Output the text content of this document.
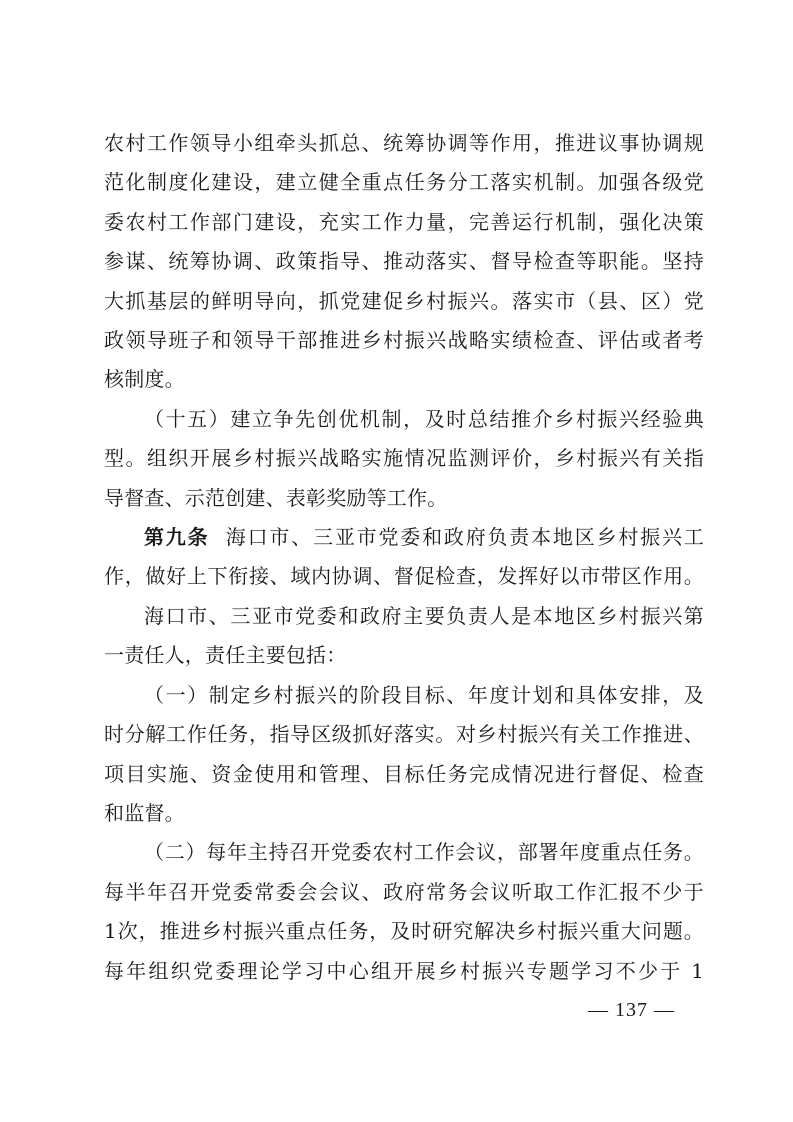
农村工作领导小组牵头抓总、统筹协调等作用，推进议事协调规
范化制度化建设，建立健全重点任务分工落实机制。加强各级党
委农村工作部门建设，充实工作力量，完善运行机制，强化决策
参谋、统筹协调、政策指导、推动落实、督导检查等职能。坚持
大抓基层的鲜明导向，抓党建促乡村振兴。落实市（县、区）党
政领导班子和领导干部推进乡村振兴战略实绩检查、评估或者考
核制度。

（十五）建立争先创优机制，及时总结推介乡村振兴经验典
型。组织开展乡村振兴战略实施情况监测评价，乡村振兴有关指
导督查、示范创建、表彰奖励等工作。

第九条 海口市、三亚市党委和政府负责本地区乡村振兴工
作，做好上下衔接、域内协调、督促检查，发挥好以市带区作用。

海口市、三亚市党委和政府主要负责人是本地区乡村振兴第
一责任人，责任主要包括：

（一）制定乡村振兴的阶段目标、年度计划和具体安排，及
时分解工作任务，指导区级抓好落实。对乡村振兴有关工作推进、
项目实施、资金使用和管理、目标任务完成情况进行督促、检查
和监督。

（二）每年主持召开党委农村工作会议，部署年度重点任务。
每半年召开党委常委会会议、政府常务会议听取工作汇报不少于
1次，推进乡村振兴重点任务，及时研究解决乡村振兴重大问题。
每年组织党委理论学习中心组开展乡村振兴专题学习不少于 1

— 137 —
